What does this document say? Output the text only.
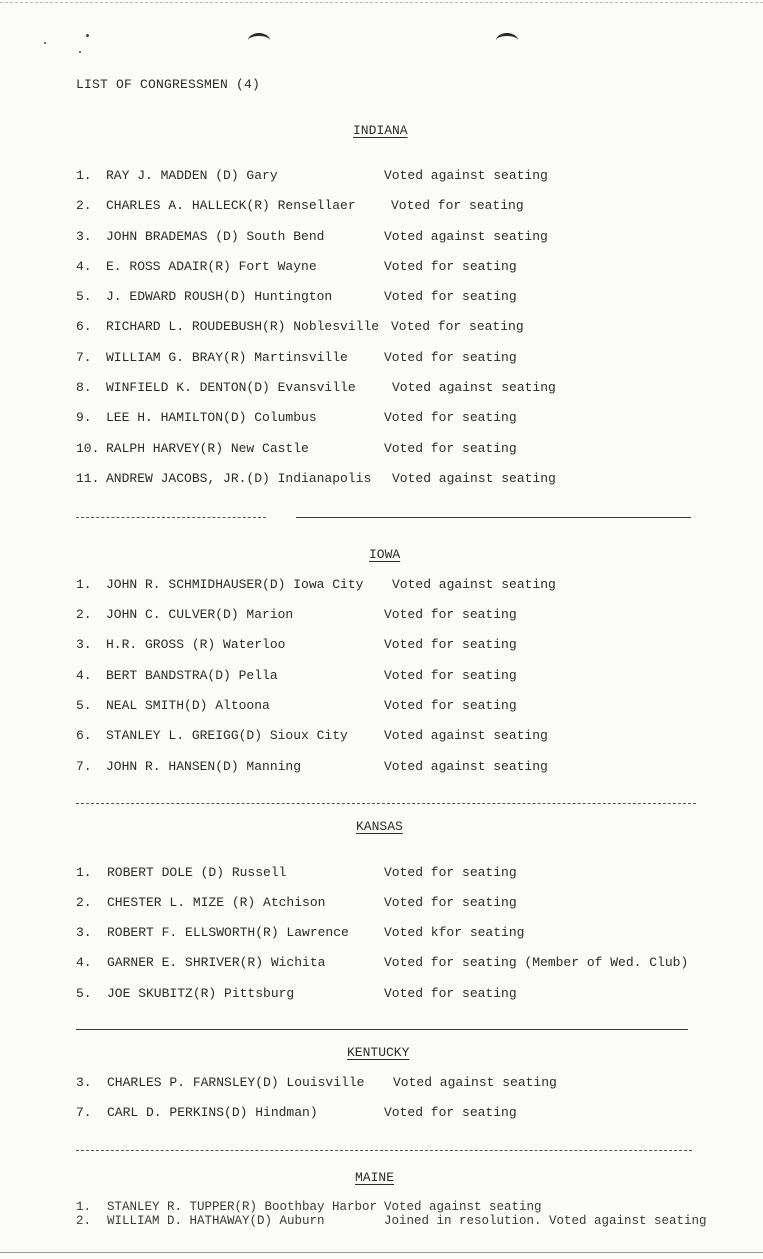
LIST OF CONGRESSMEN (4)
INDIANA
1. RAY J. MADDEN (D) Gary	Voted against seating
2. CHARLES A. HALLECK(R) Rensellaer	Voted for seating
3. JOHN BRADEMAS (D) South Bend	Voted against seating
4. E. ROSS ADAIR(R) Fort Wayne	Voted for seating
5. J. EDWARD ROUSH(D) Huntington	Voted for seating
6. RICHARD L. ROUDEBUSH(R) Noblesville Voted for seating
7. WILLIAM G. BRAY(R) Martinsville	Voted for seating
8. WINFIELD K. DENTON(D) Evansville	Voted against seating
9. LEE H. HAMILTON(D) Columbus	Voted for seating
10. RALPH HARVEY(R) New Castle	Voted for seating
11. ANDREW JACOBS, JR.(D) Indianapolis Voted against seating
IOWA
1. JOHN R. SCHMIDHAUSER(D) Iowa City Voted against seating
2. JOHN C. CULVER(D) Marion	Voted for seating
3. H.R. GROSS (R) Waterloo	Voted for seating
4. BERT BANDSTRA(D) Pella	Voted for seating
5. NEAL SMITH(D) Altoona	Voted for seating
6. STANLEY L. GREIGG(D) Sioux City	Voted against seating
7. JOHN R. HANSEN(D) Manning	Voted against seating
KANSAS
1. ROBERT DOLE (D) Russell	Voted for seating
2. CHESTER L. MIZE (R) Atchison	Voted for seating
3. ROBERT F. ELLSWORTH(R) Lawrence	Voted kfor seating
4. GARNER E. SHRIVER(R) Wichita	Voted for seating (Member of Wed. Club)
5. JOE SKUBITZ(R) Pittsburg	Voted for seating
KENTUCKY
3. CHARLES P. FARNSLEY(D) Louisville Voted against seating
7. CARL D. PERKINS(D) Hindman)	Voted for seating
MAINE
1. STANLEY R. TUPPER(R) Boothbay Harbor Voted against seating
2. WILLIAM D. HATHAWAY(D) Auburn	Joined in resolution. Voted against seating
